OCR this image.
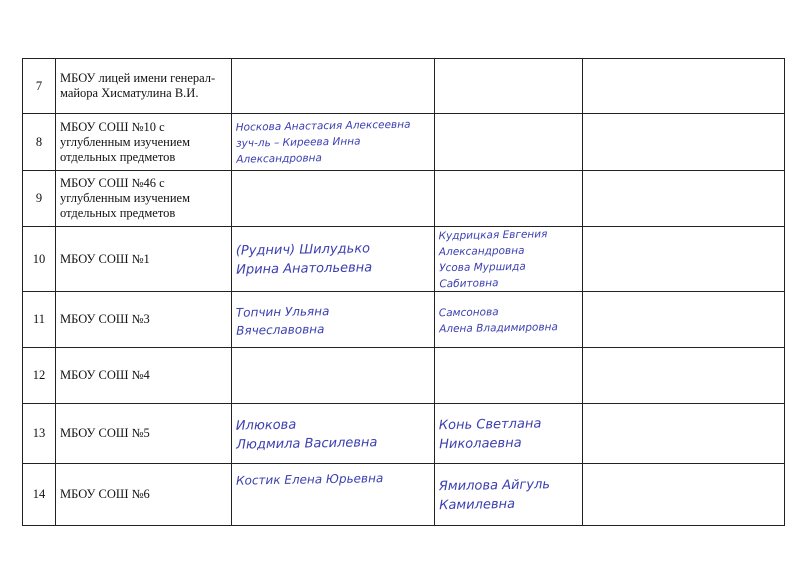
7	МБОУ лицей имени генерал-майора Хисматулина В.И.	

8	МБОУ СОШ №10 с углубленным изучением отдельных предметов	Носкова Анастасия Алексеевна
зуч-ль – Киреева Инна Александровна		

9	МБОУ СОШ №46 с углубленным изучением отдельных предметов	

10	МБОУ СОШ №1	(Руднич) Шилудько
Ирина Анатольевна	Кудрицкая Евгения Александровна
Усова Муршида Сабитовна	

11	МБОУ СОШ №3	Топчин Ульяна
Вячеславовна	Самсонова
Алена Владимировна	

12	МБОУ СОШ №4	

13	МБОУ СОШ №5	Илюкова
Людмила Василевна	Конь Светлана
Николаевна	

14	МБОУ СОШ №6	Костик Елена Юрьевна	Ямилова Айгуль
Камилевна	
